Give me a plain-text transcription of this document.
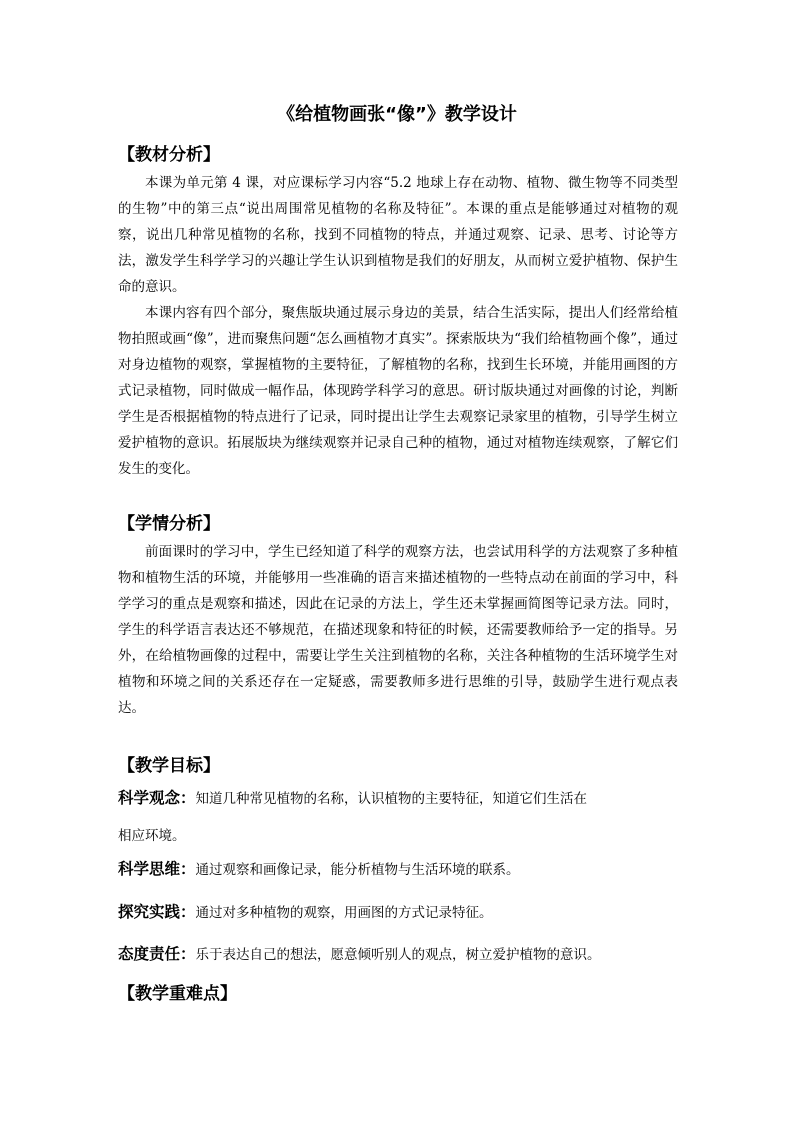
《给植物画张“像”》教学设计
【教材分析】

本课为单元第 4 课，对应课标学习内容“5.2 地球上存在动物、植物、微生物等不同类型的生物”中的第三点“说出周围常见植物的名称及特征”。本课的重点是能够通过对植物的观察，说出几种常见植物的名称，找到不同植物的特点，并通过观察、记录、思考、讨论等方法，激发学生科学学习的兴趣让学生认识到植物是我们的好朋友，从而树立爱护植物、保护生命的意识。

本课内容有四个部分，聚焦版块通过展示身边的美景，结合生活实际，提出人们经常给植物拍照或画“像”，进而聚焦问题“怎么画植物才真实”。探索版块为“我们给植物画个像”，通过对身边植物的观察，掌握植物的主要特征，了解植物的名称，找到生长环境，并能用画图的方式记录植物，同时做成一幅作品，体现跨学科学习的意思。研讨版块通过对画像的讨论，判断学生是否根据植物的特点进行了记录，同时提出让学生去观察记录家里的植物，引导学生树立爱护植物的意识。拓展版块为继续观察并记录自己种的植物，通过对植物连续观察，了解它们发生的变化。

【学情分析】

前面课时的学习中，学生已经知道了科学的观察方法，也尝试用科学的方法观察了多种植物和植物生活的环境，并能够用一些准确的语言来描述植物的一些特点动在前面的学习中，科学学习的重点是观察和描述，因此在记录的方法上，学生还未掌握画简图等记录方法。同时，学生的科学语言表达还不够规范，在描述现象和特征的时候，还需要教师给予一定的指导。另外，在给植物画像的过程中，需要让学生关注到植物的名称，关注各种植物的生活环境学生对植物和环境之间的关系还存在一定疑惑，需要教师多进行思维的引导，鼓励学生进行观点表达。

【教学目标】
科学观念：知道几种常见植物的名称，认识植物的主要特征，知道它们生活在
相应环境。
科学思维：通过观察和画像记录，能分析植物与生活环境的联系。
探究实践：通过对多种植物的观察，用画图的方式记录特征。
态度责任：乐于表达自己的想法，愿意倾听别人的观点，树立爱护植物的意识。
【教学重难点】
